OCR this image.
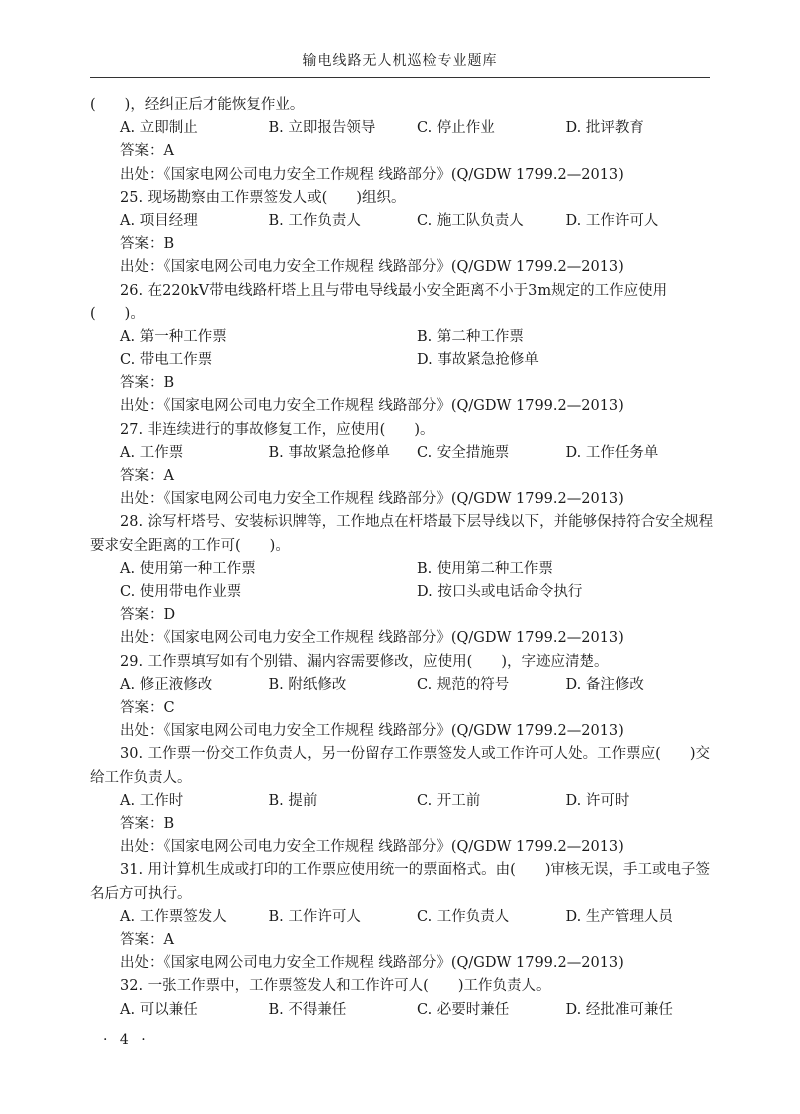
输电线路无人机巡检专业题库
(　　)，经纠正后才能恢复作业。
A. 立即制止	B. 立即报告领导	C. 停止作业	D. 批评教育
答案：A
出处：《国家电网公司电力安全工作规程 线路部分》(Q/GDW 1799.2—2013)
25. 现场勘察由工作票签发人或(　　)组织。
A. 项目经理	B. 工作负责人	C. 施工队负责人	D. 工作许可人
答案：B
出处：《国家电网公司电力安全工作规程 线路部分》(Q/GDW 1799.2—2013)
26. 在220kV带电线路杆塔上且与带电导线最小安全距离不小于3m规定的工作应使用(　　)。
A. 第一种工作票	B. 第二种工作票
C. 带电工作票	D. 事故紧急抢修单
答案：B
出处：《国家电网公司电力安全工作规程 线路部分》(Q/GDW 1799.2—2013)
27. 非连续进行的事故修复工作，应使用(　　)。
A. 工作票	B. 事故紧急抢修单	C. 安全措施票	D. 工作任务单
答案：A
出处：《国家电网公司电力安全工作规程 线路部分》(Q/GDW 1799.2—2013)
28. 涂写杆塔号、安装标识牌等，工作地点在杆塔最下层导线以下，并能够保持符合安全规程要求安全距离的工作可(　　)。
A. 使用第一种工作票	B. 使用第二种工作票
C. 使用带电作业票	D. 按口头或电话命令执行
答案：D
出处：《国家电网公司电力安全工作规程 线路部分》(Q/GDW 1799.2—2013)
29. 工作票填写如有个别错、漏内容需要修改，应使用(　　)，字迹应清楚。
A. 修正液修改	B. 附纸修改	C. 规范的符号	D. 备注修改
答案：C
出处：《国家电网公司电力安全工作规程 线路部分》(Q/GDW 1799.2—2013)
30. 工作票一份交工作负责人，另一份留存工作票签发人或工作许可人处。工作票应(　　)交给工作负责人。
A. 工作时	B. 提前	C. 开工前	D. 许可时
答案：B
出处：《国家电网公司电力安全工作规程 线路部分》(Q/GDW 1799.2—2013)
31. 用计算机生成或打印的工作票应使用统一的票面格式。由(　　)审核无误，手工或电子签名后方可执行。
A. 工作票签发人	B. 工作许可人	C. 工作负责人	D. 生产管理人员
答案：A
出处：《国家电网公司电力安全工作规程 线路部分》(Q/GDW 1799.2—2013)
32. 一张工作票中，工作票签发人和工作许可人(　　)工作负责人。
A. 可以兼任	B. 不得兼任	C. 必要时兼任	D. 经批准可兼任
· 4 ·
